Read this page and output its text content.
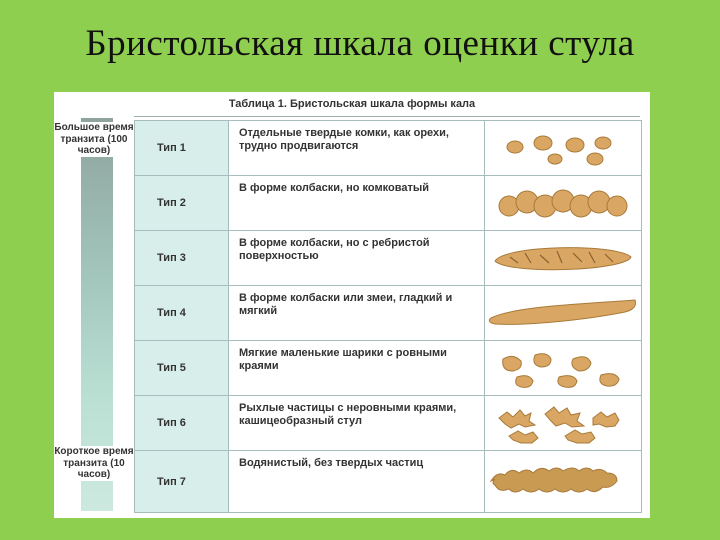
Бристольская шкала оценки стула
Таблица 1. Бристольская шкала формы кала
Большое время транзита (100 часов)
Короткое время транзита (10 часов)
Тип 1
Отдельные твердые комки, как орехи, трудно продвигаются
Тип 2
В форме колбаски, но комковатый
Тип 3
В форме колбаски, но с ребристой поверхностью
Тип 4
В форме колбаски или змеи, гладкий и мягкий
Тип 5
Мягкие маленькие шарики с ровными краями
Тип 6
Рыхлые частицы с неровными краями, кашицеобразный стул
Тип 7
Водянистый, без твердых частиц
